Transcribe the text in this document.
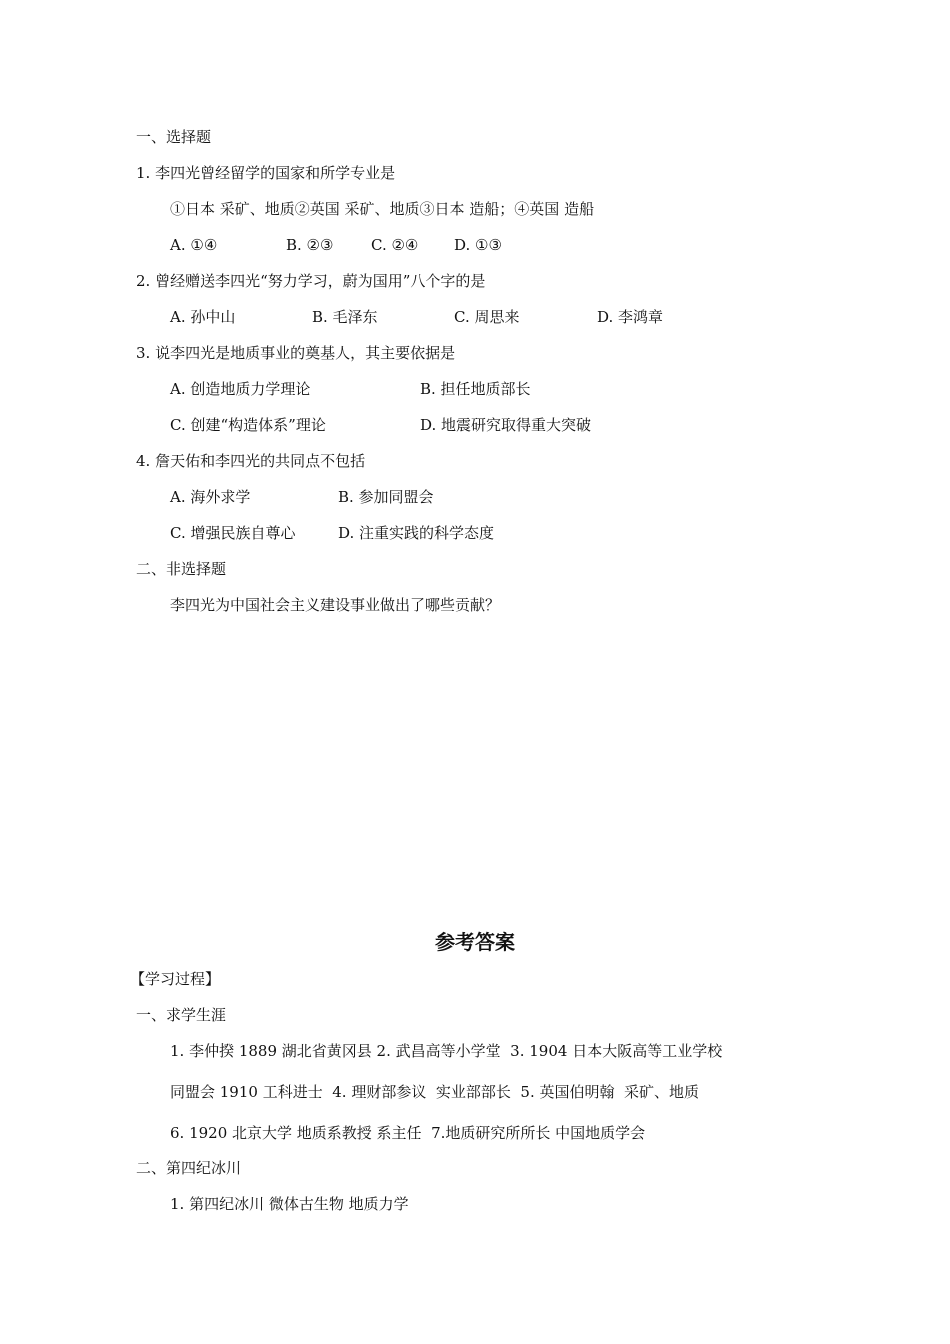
一、选择题
1. 李四光曾经留学的国家和所学专业是
①日本 采矿、地质②英国 采矿、地质③日本 造船；④英国 造船
A. ①④	B. ②③	C. ②④ D. ①③
2. 曾经赠送李四光“努力学习，蔚为国用”八个字的是
A. 孙中山	B. 毛泽东	C. 周思来	D. 李鸿章
3. 说李四光是地质事业的奠基人，其主要依据是
A. 创造地质力学理论	B. 担任地质部长
C. 创建“构造体系”理论	D. 地震研究取得重大突破
4. 詹天佑和李四光的共同点不包括
A. 海外求学	B. 参加同盟会
C. 增强民族自尊心	D. 注重实践的科学态度
二、非选择题
李四光为中国社会主义建设事业做出了哪些贡献？
参考答案
【学习过程】
一、求学生涯
1. 李仲揆 1889 湖北省黄冈县 2. 武昌高等小学堂  3. 1904 日本大阪高等工业学校
同盟会 1910 工科进士  4. 理财部参议  实业部部长  5. 英国伯明翰  采矿、地质
6. 1920 北京大学 地质系教授 系主任  7.地质研究所所长 中国地质学会
二、第四纪冰川
1. 第四纪冰川 微体古生物 地质力学
